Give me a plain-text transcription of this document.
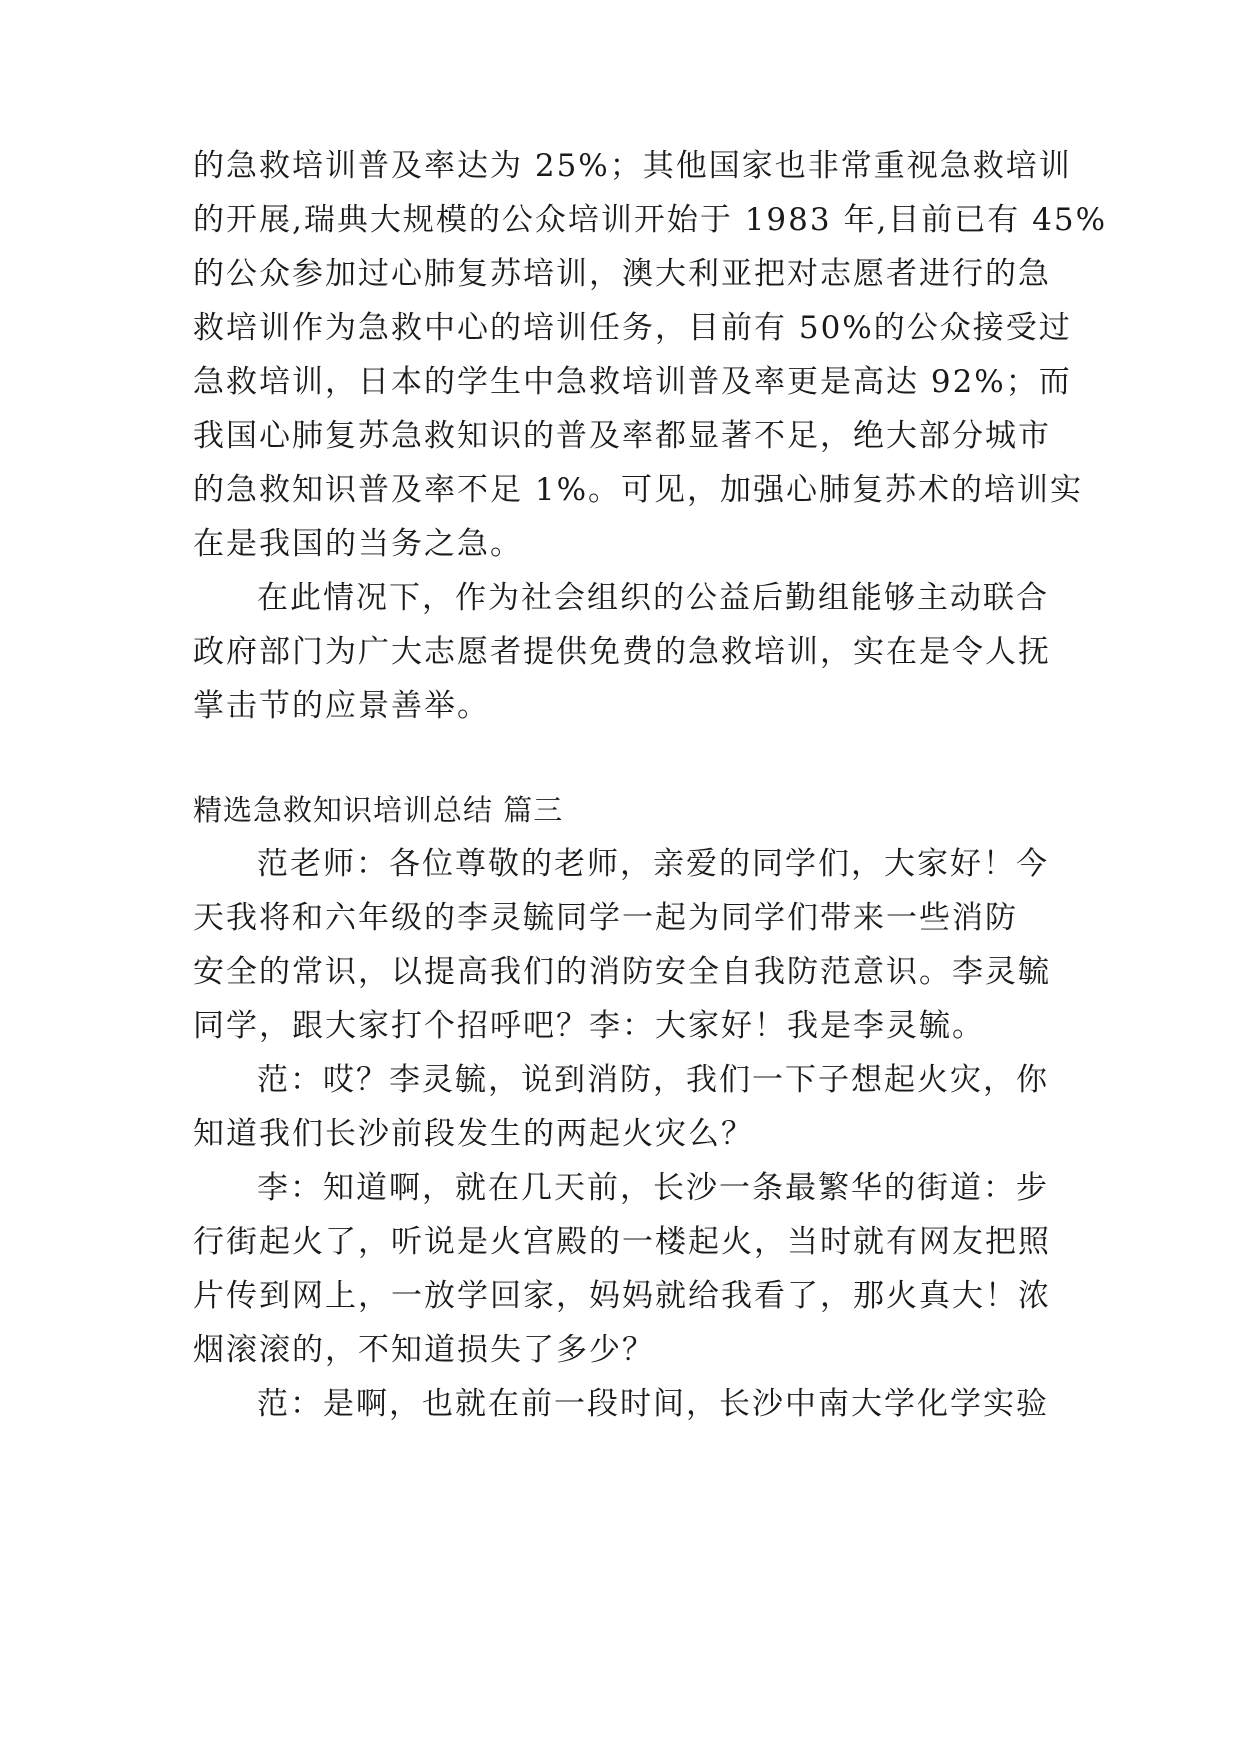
的急救培训普及率达为 25%；其他国家也非常重视急救培训
的开展,瑞典大规模的公众培训开始于 1983 年,目前已有 45%
的公众参加过心肺复苏培训，澳大利亚把对志愿者进行的急
救培训作为急救中心的培训任务，目前有 50%的公众接受过
急救培训，日本的学生中急救培训普及率更是高达 92%；而
我国心肺复苏急救知识的普及率都显著不足，绝大部分城市
的急救知识普及率不足 1%。可见，加强心肺复苏术的培训实
在是我国的当务之急。
在此情况下，作为社会组织的公益后勤组能够主动联合
政府部门为广大志愿者提供免费的急救培训，实在是令人抚
掌击节的应景善举。
精选急救知识培训总结 篇三
范老师：各位尊敬的老师，亲爱的同学们，大家好！今
天我将和六年级的李灵毓同学一起为同学们带来一些消防
安全的常识，以提高我们的消防安全自我防范意识。李灵毓
同学，跟大家打个招呼吧？李：大家好！我是李灵毓。
范：哎？李灵毓，说到消防，我们一下子想起火灾，你
知道我们长沙前段发生的两起火灾么？
李：知道啊，就在几天前，长沙一条最繁华的街道：步
行街起火了，听说是火宫殿的一楼起火，当时就有网友把照
片传到网上，一放学回家，妈妈就给我看了，那火真大！浓
烟滚滚的，不知道损失了多少？
范：是啊，也就在前一段时间，长沙中南大学化学实验
